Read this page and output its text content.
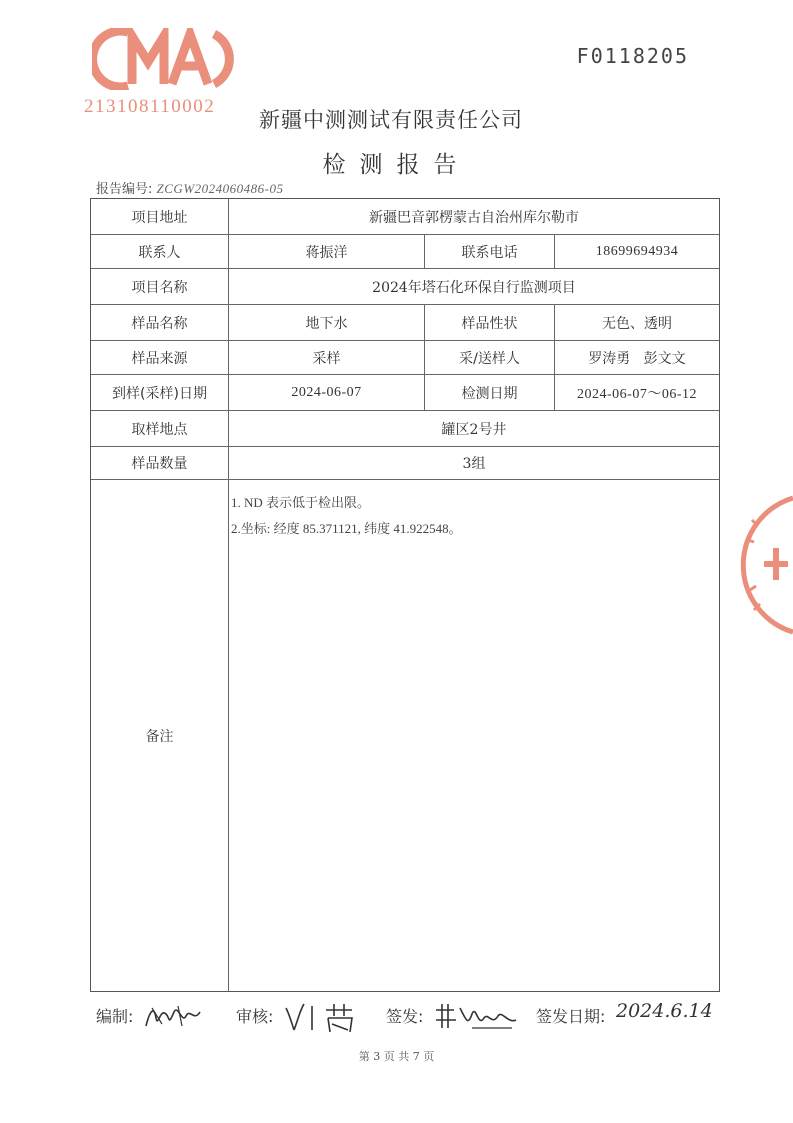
213108110002
F0118205
新疆中测测试有限责任公司
检测报告
报告编号: ZCGW2024060486-05
项目地址	新疆巴音郭楞蒙古自治州库尔勒市
联系人	蒋振洋	联系电话	18699694934
项目名称	2024年塔石化环保自行监测项目
样品名称	地下水	样品性状	无色、透明
样品来源	采样	采/送样人	罗涛勇   彭文文
到样(采样)日期	2024-06-07	检测日期	2024-06-07～06-12
取样地点	罐区2号井
样品数量	3组
备注
1. ND 表示低于检出限。
2.坐标: 经度 85.371121, 纬度 41.922548。
编制:	审核:	签发:	签发日期: 2024.6.14
第 3 页 共 7 页
